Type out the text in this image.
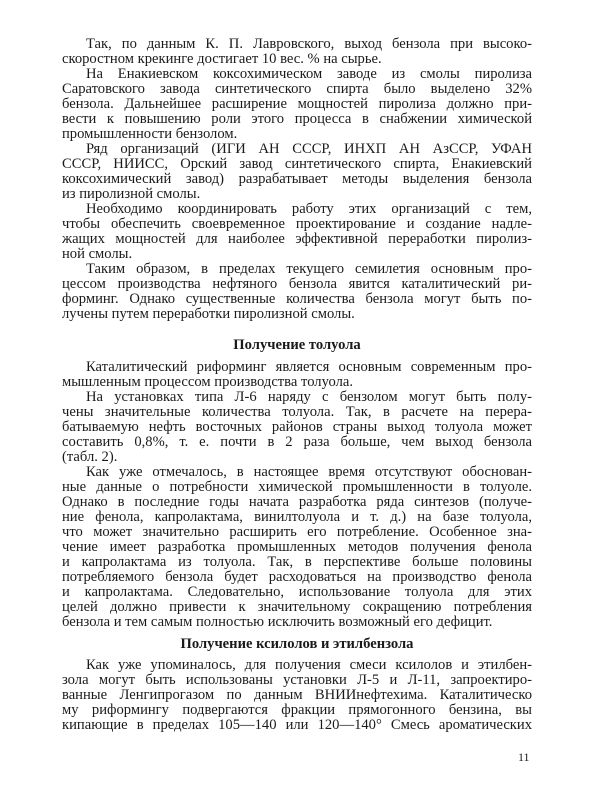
Так, по данным К. П. Лавровского, выход бензола при высоко-
скоростном крекинге достигает 10 вес. % на сырье.
На Енакиевском коксохимическом заводе из смолы пиролиза
Саратовского завода синтетического спирта было выделено 32%
бензола. Дальнейшее расширение мощностей пиролиза должно при-
вести к повышению роли этого процесса в снабжении химической
промышленности бензолом.
Ряд организаций (ИГИ АН СССР, ИНХП АН АзССР, УФАН
СССР, НИИСС, Орский завод синтетического спирта, Енакиевский
коксохимический завод) разрабатывает методы выделения бензола
из пиролизной смолы.
Необходимо координировать работу этих организаций с тем,
чтобы обеспечить своевременное проектирование и создание надле-
жащих мощностей для наиболее эффективной переработки пиролиз-
ной смолы.
Таким образом, в пределах текущего семилетия основным про-
цессом производства нефтяного бензола явится каталитический ри-
форминг. Однако существенные количества бензола могут быть по-
лучены путем переработки пиролизной смолы.
Получение толуола
Каталитический риформинг является основным современным про-
мышленным процессом производства толуола.
На установках типа Л-6 наряду с бензолом могут быть полу-
чены значительные количества толуола. Так, в расчете на перера-
батываемую нефть восточных районов страны выход толуола может
составить 0,8%, т. е. почти в 2 раза больше, чем выход бензола
(табл. 2).
Как уже отмечалось, в настоящее время отсутствуют обоснован-
ные данные о потребности химической промышленности в толуоле.
Однако в последние годы начата разработка ряда синтезов (получе-
ние фенола, капролактама, винилтолуола и т. д.) на базе толуола,
что может значительно расширить его потребление. Особенное зна-
чение имеет разработка промышленных методов получения фенола
и капролактама из толуола. Так, в перспективе больше половины
потребляемого бензола будет расходоваться на производство фенола
и капролактама. Следовательно, использование толуола для этих
целей должно привести к значительному сокращению потребления
бензола и тем самым полностью исключить возможный его дефицит.
Получение ксилолов и этилбензола
Как уже упоминалось, для получения смеси ксилолов и этилбен-
зола могут быть использованы установки Л-5 и Л-11, запроектиро-
ванные Ленгипрогазом по данным ВНИИнефтехима. Каталитическо
му риформингу подвергаются фракции прямогонного бензина, вы
кипающие в пределах 105—140 или 120—140° Смесь ароматических
11
